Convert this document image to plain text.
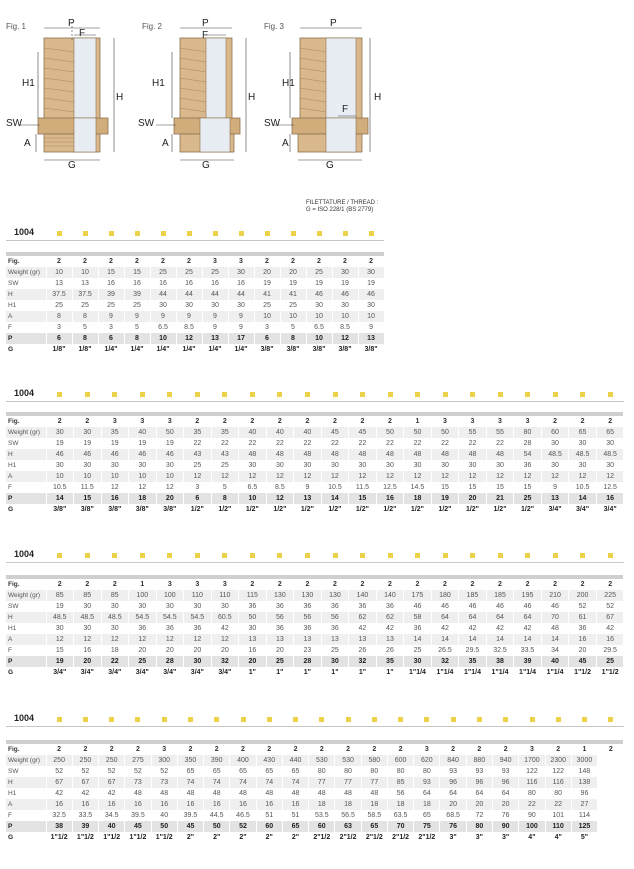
Fig. 1	Fig. 2	Fig. 3
P
F
H1
H
SW
A
G
P
F
H1
H
SW
A
G
P
H1
H
F
SW
A
G
FILETTATURE / THREAD :
G = ISO 228/1 (BS 2779)
1004

Fig.	2	2	2	2	2	2	3	3	2	2	2	2	2
Weight (gr)	10	10	15	15	25	25	25	30	20	20	25	30	30
SW	13	13	16	16	16	16	16	16	19	19	19	19	19
H	37.5	37.5	39	39	44	44	44	44	41	41	46	46	46
H1	25	25	25	25	30	30	30	30	25	25	30	30	30
A	8	8	9	9	9	9	9	9	10	10	10	10	10
F	3	5	3	5	6.5	8.5	9	9	3	5	6.5	8.5	9
P	6	8	6	8	10	12	13	17	6	8	10	12	13
G	1/8"	1/8"	1/4"	1/4"	1/4"	1/4"	1/4"	1/4"	3/8"	3/8"	3/8"	3/8"	3/8"
1004

Fig.	2	2	3	3	3	2	2	2	2	2	2	2	2	1	3	3	3	3	2	2	2
Weight (gr)	30	30	35	40	50	35	35	40	40	40	45	45	50	50	50	55	55	80	60	65	65
SW	19	19	19	19	19	22	22	22	22	22	22	22	22	22	22	22	22	28	30	30	30
H	46	46	46	46	46	43	43	48	48	48	48	48	48	48	48	48	48	54	48.5	48.5	48.5
H1	30	30	30	30	30	25	25	30	30	30	30	30	30	30	30	30	30	36	30	30	30
A	10	10	10	10	10	12	12	12	12	12	12	12	12	12	12	12	12	12	12	12	12
F	10.5	11.5	12	12	12	3	5	6.5	8.5	9	10.5	11.5	12.5	14.5	15	15	15	15	9	10.5	12.5
P	14	15	16	18	20	6	8	10	12	13	14	15	16	18	19	20	21	25	13	14	16
G	3/8"	3/8"	3/8"	3/8"	3/8"	1/2"	1/2"	1/2"	1/2"	1/2"	1/2"	1/2"	1/2"	1/2"	1/2"	1/2"	1/2"	1/2"	3/4"	3/4"	3/4"
1004

Fig.	2	2	2	1	3	3	3	2	2	2	2	2	2	2	2	2	2	2	2	2	2	
Weight (gr)	85	85	85	100	100	110	110	115	130	130	130	140	140	175	180	185	185	195	210	200	225	
SW	19	30	30	30	30	30	30	36	36	36	36	36	36	46	46	46	46	46	46	52	52	
H	48.5	48.5	48.5	54.5	54.5	54.5	60.5	50	56	56	56	62	62	58	64	64	64	64	70	61	67	
H1	30	30	30	36	36	36	42	30	36	36	36	42	42	36	42	42	42	42	48	36	42	
A	12	12	12	12	12	12	12	13	13	13	13	13	13	14	14	14	14	14	14	16	16	
F	15	16	18	20	20	20	20	16	20	23	25	26	26	25	26.5	29.5	32.5	33.5	34	20	29.5	
P	19	20	22	25	28	30	32	20	25	28	30	32	35	30	32	35	38	39	40	45	25	
G	3/4"	3/4"	3/4"	3/4"	3/4"	3/4"	3/4"	1"	1"	1"	1"	1"	1"	1"1/4	1"1/4	1"1/4	1"1/4	1"1/4	1"1/4	1"1/2	1"1/2	
1004

Fig.	2	2	2	2	3	2	2	2	2	2	2	2	2	2	3	2	2	2	3	2	1	2
Weight (gr)	250	250	250	275	300	350	390	400	430	440	530	530	580	600	620	840	880	940	1700	2300	3000	
SW	52	52	52	52	52	65	65	65	65	65	80	80	80	80	80	93	93	93	122	122	148	
H	67	67	67	73	73	74	74	74	74	74	77	77	77	85	93	96	96	96	116	116	138	
H1	42	42	42	48	48	48	48	48	48	48	48	48	48	56	64	64	64	64	80	80	96	
A	16	16	16	16	16	16	16	16	16	16	18	18	18	18	18	20	20	20	22	22	27	
F	32.5	33.5	34.5	39.5	40	39.5	44.5	46.5	51	51	53.5	56.5	58.5	63.5	65	68.5	72	76	90	101	114	
P	38	39	40	45	50	45	50	52	60	65	60	63	65	70	75	76	80	90	100	110	125	
G	1"1/2	1"1/2	1"1/2	1"1/2	1"1/2	2"	2"	2"	2"	2"	2"1/2	2"1/2	2"1/2	2"1/2	2"1/2	3"	3"	3"	4"	4"	5"	
